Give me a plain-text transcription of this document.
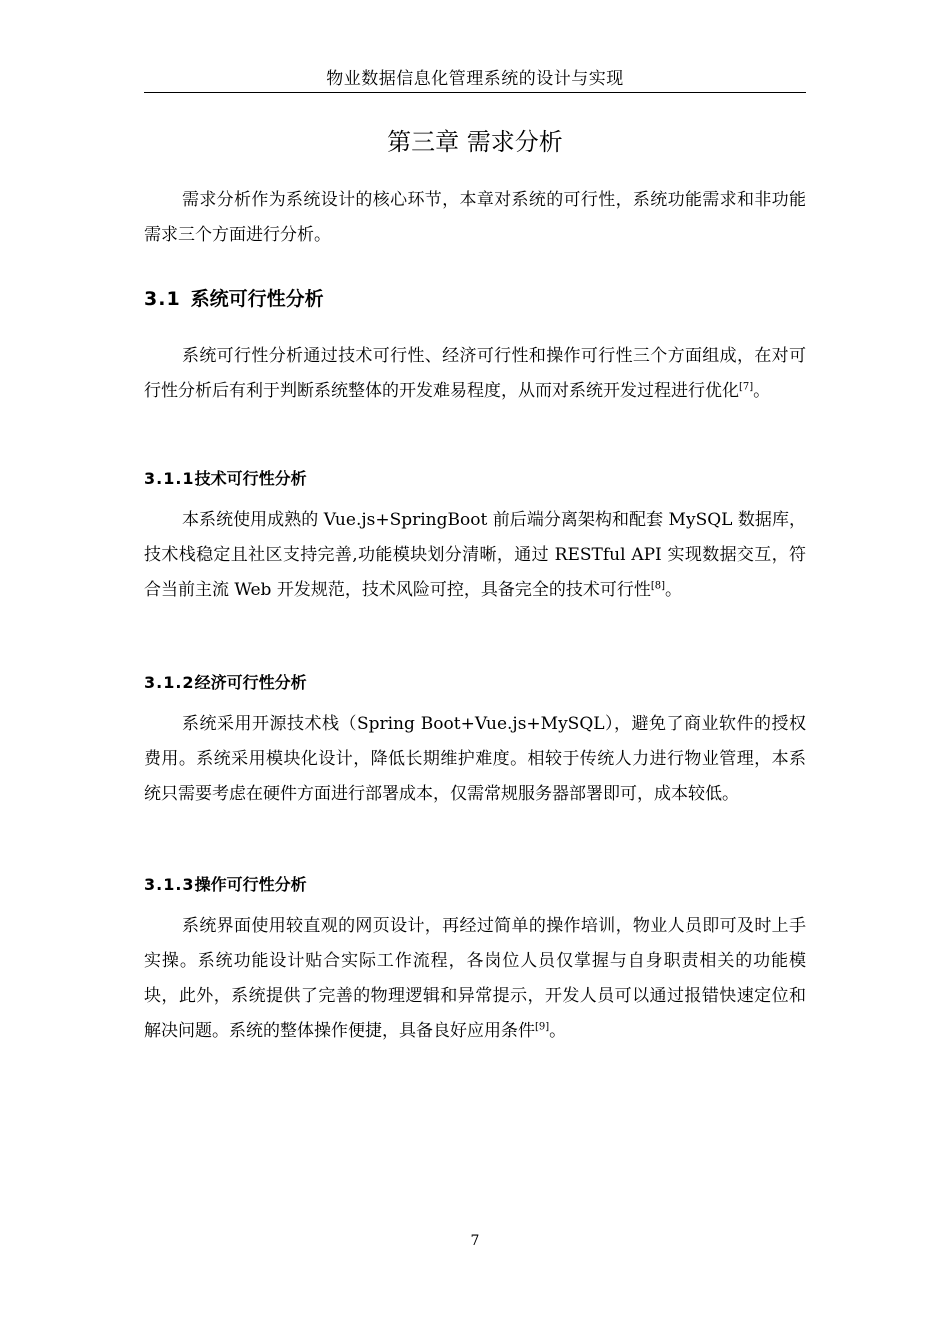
物业数据信息化管理系统的设计与实现
第三章 需求分析

需求分析作为系统设计的核心环节，本章对系统的可行性，系统功能需求和非功能需求三个方面进行分析。

3.1 系统可行性分析

系统可行性分析通过技术可行性、经济可行性和操作可行性三个方面组成，在对可行性分析后有利于判断系统整体的开发难易程度，从而对系统开发过程进行优化[7]。

3.1.1技术可行性分析

本系统使用成熟的 Vue.js+SpringBoot 前后端分离架构和配套 MySQL 数据库，技术栈稳定且社区支持完善,功能模块划分清晰，通过 RESTful API 实现数据交互，符合当前主流 Web 开发规范，技术风险可控，具备完全的技术可行性[8]。

3.1.2经济可行性分析

系统采用开源技术栈（Spring Boot+Vue.js+MySQL），避免了商业软件的授权费用。系统采用模块化设计，降低长期维护难度。相较于传统人力进行物业管理，本系统只需要考虑在硬件方面进行部署成本，仅需常规服务器部署即可，成本较低。

3.1.3操作可行性分析

系统界面使用较直观的网页设计，再经过简单的操作培训，物业人员即可及时上手实操。系统功能设计贴合实际工作流程，各岗位人员仅掌握与自身职责相关的功能模块，此外，系统提供了完善的物理逻辑和异常提示，开发人员可以通过报错快速定位和解决问题。系统的整体操作便捷，具备良好应用条件[9]。

7
